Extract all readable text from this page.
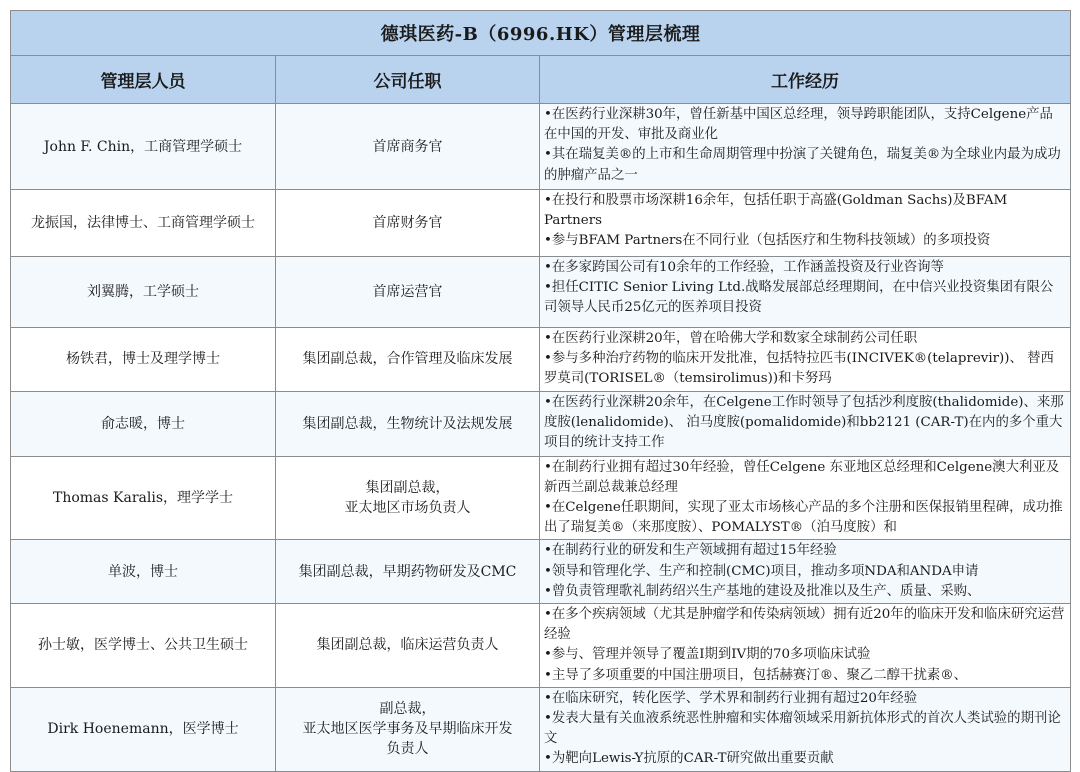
德琪医药-B（6996.HK）管理层梳理		
管理层人员	公司任职	工作经历
John F. Chin，工商管理学硕士	首席商务官	•在医药行业深耕30年，曾任新基中国区总经理，领导跨职能团队，支持Celgene产品在中国的开发、审批及商业化
•其在瑞复美®的上市和生命周期管理中扮演了关键角色，瑞复美®为全球业内最为成功的肿瘤产品之一

龙振国，法律博士、工商管理学硕士	首席财务官	•在投行和股票市场深耕16余年，包括任职于高盛(Goldman Sachs)及BFAM Partners
•参与BFAM Partners在不同行业（包括医疗和生物科技领域）的多项投资

刘翼腾，工学硕士	首席运营官	•在多家跨国公司有10余年的工作经验，工作涵盖投资及行业咨询等
•担任CITIC Senior Living Ltd.战略发展部总经理期间，在中信兴业投资集团有限公司领导人民币25亿元的医养项目投资

杨铁君，博士及理学博士	集团副总裁，合作管理及临床发展	•在医药行业深耕20年，曾在哈佛大学和数家全球制药公司任职
•参与多种治疗药物的临床开发批准，包括特拉匹韦(INCIVEK®(telaprevir))、 替西罗莫司(TORISEL®（temsirolimus))和卡努玛

俞志暖，博士	集团副总裁，生物统计及法规发展	•在医药行业深耕20余年，在Celgene工作时领导了包括沙利度胺(thalidomide)、来那度胺(lenalidomide)、 泊马度胺(pomalidomide)和bb2121 (CAR-T)在内的多个重大项目的统计支持工作

Thomas Karalis，理学学士	集团副总裁，
亚太地区市场负责人	•在制药行业拥有超过30年经验，曾任Celgene 东亚地区总经理和Celgene澳大利亚及新西兰副总裁兼总经理
•在Celgene任职期间，实现了亚太市场核心产品的多个注册和医保报销里程碑，成功推出了瑞复美®（来那度胺）、POMALYST®（泊马度胺）和

单波，博士	集团副总裁，早期药物研发及CMC	•在制药行业的研发和生产领域拥有超过15年经验
•领导和管理化学、生产和控制(CMC)项目，推动多项NDA和ANDA申请
•曾负责管理歌礼制药绍兴生产基地的建设及批准以及生产、质量、采购、

孙士敏，医学博士、公共卫生硕士	集团副总裁，临床运营负责人	•在多个疾病领域（尤其是肿瘤学和传染病领域）拥有近20年的临床开发和临床研究运营经验
•参与、管理并领导了覆盖I期到IV期的70多项临床试验
•主导了多项重要的中国注册项目，包括赫赛汀®、聚乙二醇干扰素®、

Dirk Hoenemann，医学博士	副总裁，
亚太地区医学事务及早期临床开发
负责人	•在临床研究，转化医学、学术界和制药行业拥有超过20年经验
•发表大量有关血液系统恶性肿瘤和实体瘤领域采用新抗体形式的首次人类试验的期刊论文
•为靶向Lewis-Y抗原的CAR-T研究做出重要贡献
